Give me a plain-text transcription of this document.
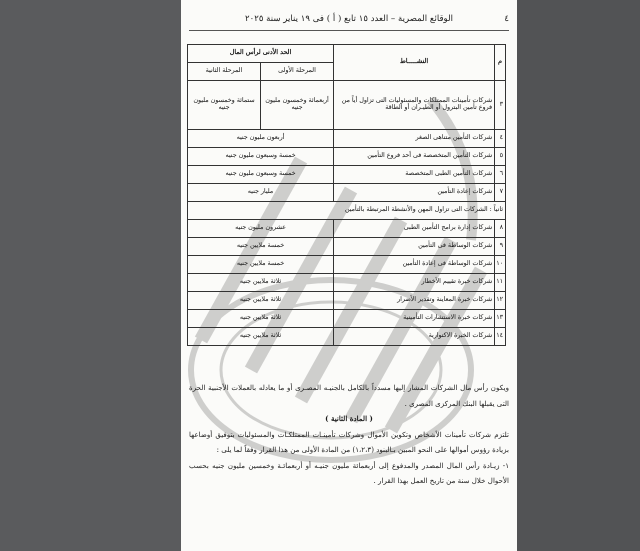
الوقائع المصرية – العدد ١٥ تابع ( أ ) فى ١٩ يناير سنة ٢٠٢٥	٤
م	النشـــــاط	الحد الأدنى لرأس المال	
		المرحلة الأولى	المرحلة الثانية
٣	شركات تأمينات الممتلكات والمسئوليات التى تزاول أياً من فروع تأمين البترول أو الطيـران أو الطاقة	أربعمائة وخمسون مليون جنيه	ستمائة وخمسون مليون جنيه
٤	شركات التأمين متناهى الصغر	أربعون مليون جنيه	
٥	شركات التأمين المتخصصة فى أحد فروع التأمين	خمسة وسبعون مليون جنيه	
٦	شركات التأمين الطبى المتخصصة	خمسة وسبعون مليون جنيه	
٧	شركات إعادة التأمين	مليار جنيه	
ثانياً : الشركات التى تزاول المهن والأنشطة المرتبطة بالتأمين			
٨	شركات إدارة برامج التأمين الطبى	عشرون مليون جنيه	
٩	شركات الوساطة فى التأمين	خمسة ملايين جنيه	
١٠	شركات الوساطة فى إعادة التأمين	خمسة ملايين جنيه	
١١	شركات خبرة تقييم الأخطار	ثلاثة ملايين جنيه	
١٢	شركات خبرة المعاينة وتقدير الأضرار	ثلاثة ملايين جنيه	
١٣	شركات خبرة الاستشارات التأمينية	ثلاثة ملايين جنيه	
١٤	شركات الخبرة الاكتوارية	ثلاثة ملايين جنيه	

ويكون رأس مال الشركات المشار إليها مسدداً بالكامل بالجنيـه المصـرى أو ما يعادله بالعملات الأجنبية الحرة التى يقبلها البنك المركزى المصرى .

( المادة الثانية )

تلتزم شركات تأمينات الأشخاص وتكوين الأموال وشركات تأمينـات الممتلكـات والمسئوليات بتوفيق أوضاعها بزيادة رؤوس أموالها على النحو المبين بـالبنود (١،٢،٣) من المادة الأولى من هذا القرار وفقاً لما يلى :

١- زيـادة رأس المال المصدر والمدفوع إلى أربعمائة مليون جنيـه أو أربعمائـة وخمسين مليون جنيه بحسب الأحوال خلال سنة من تاريخ العمل بهذا القرار .
